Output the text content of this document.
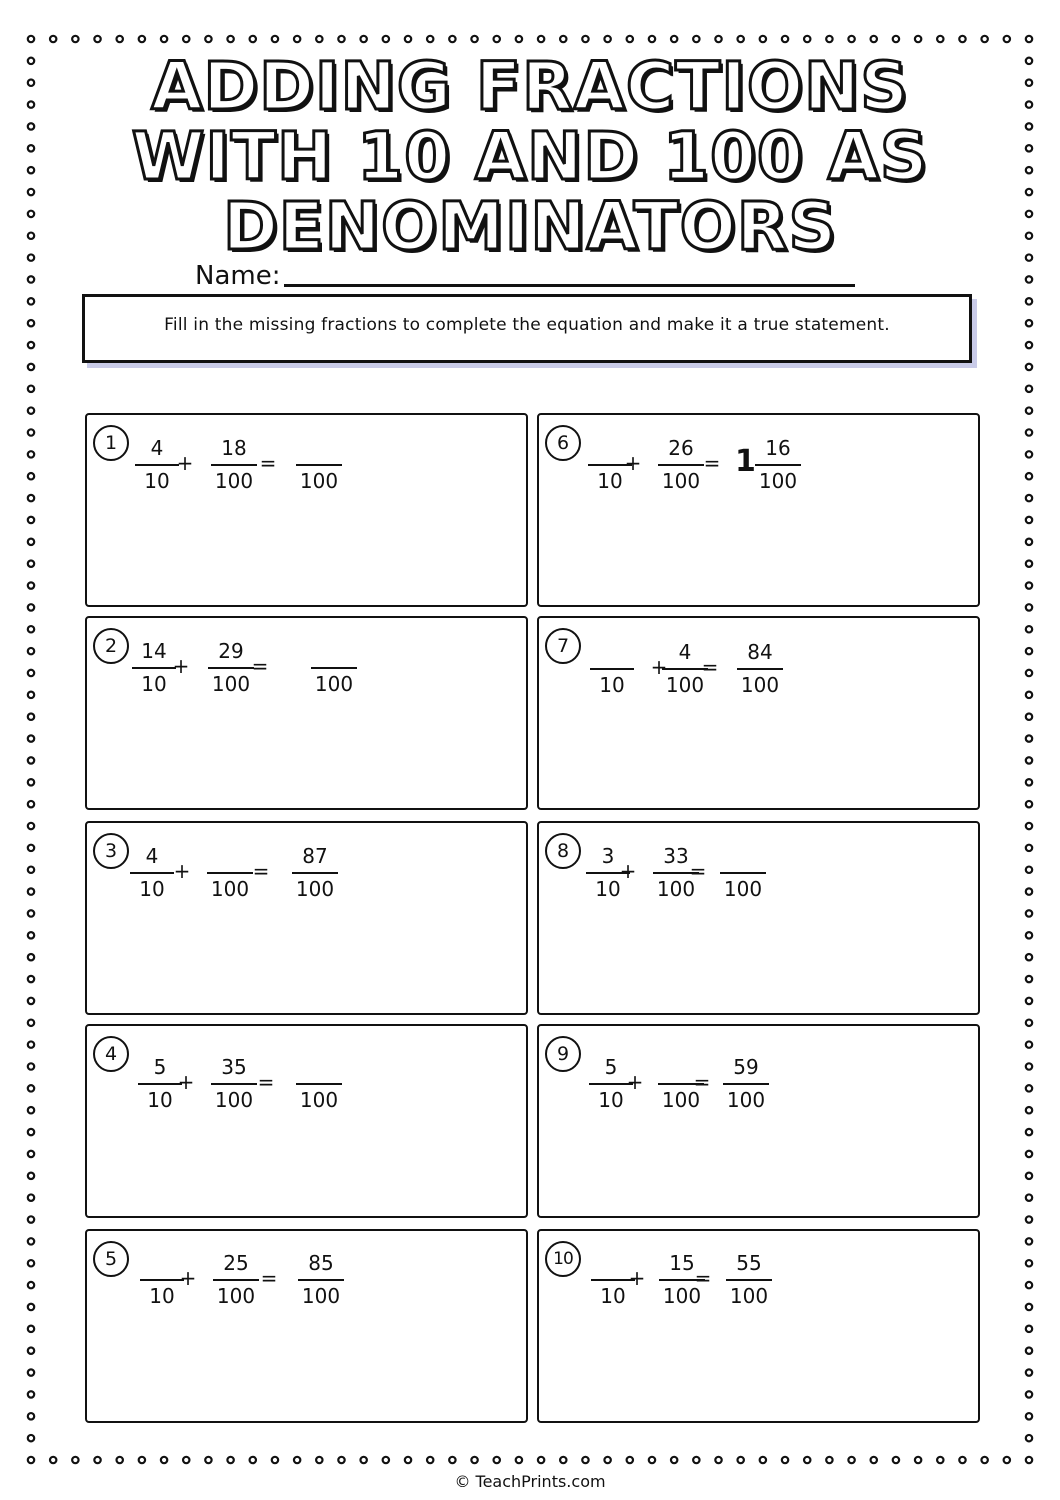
ADDING FRACTIONS WITH 10 AND 100 AS DENOMINATORS
Name:
Fill in the missing fractions to complete the equation and make it a true statement.
1	4
10
+
18
100
=
100
2	14
10
+
29
100
=
100
3	4
10
+
100
=
87
100
4
5
10
+
35
100
=
100
5
10
+
25
100
=
85
100
6
10
+
26
100
= 1 16
100
7
10
+
4
100
=
84
100
8	3
10
+
33
100
=
100
9
5
10
+
100
=
59
100
10
10
+
15
100
=
55
100
© TeachPrints.com
